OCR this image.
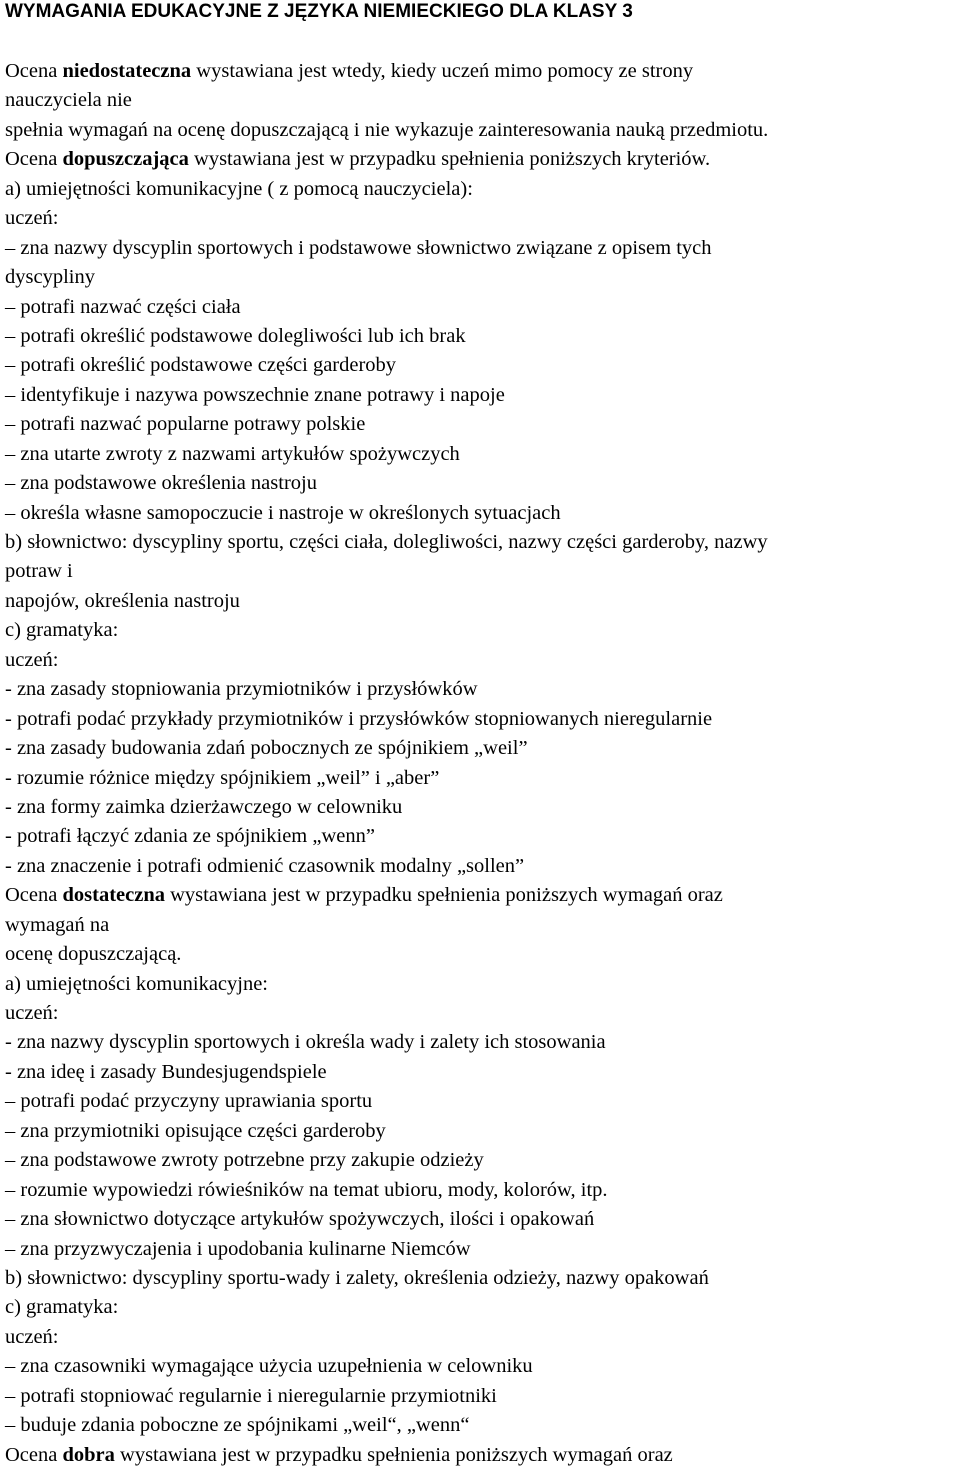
WYMAGANIA EDUKACYJNE Z JĘZYKA NIEMIECKIEGO DLA KLASY 3
Ocena niedostateczna wystawiana jest wtedy, kiedy uczeń mimo pomocy ze strony
nauczyciela nie
spełnia wymagań na ocenę dopuszczającą i nie wykazuje zainteresowania nauką przedmiotu.
Ocena dopuszczająca wystawiana jest w przypadku spełnienia poniższych kryteriów.
a) umiejętności komunikacyjne ( z pomocą nauczyciela):
uczeń:
– zna nazwy dyscyplin sportowych i podstawowe słownictwo związane z opisem tych
dyscypliny
– potrafi nazwać części ciała
– potrafi określić podstawowe dolegliwości lub ich brak
– potrafi określić podstawowe części garderoby
– identyfikuje i nazywa powszechnie znane potrawy i napoje
– potrafi nazwać popularne potrawy polskie
– zna utarte zwroty z nazwami artykułów spożywczych
– zna podstawowe określenia nastroju
– określa własne samopoczucie i nastroje w określonych sytuacjach
b) słownictwo: dyscypliny sportu, części ciała, dolegliwości, nazwy części garderoby, nazwy
potraw i
napojów, określenia nastroju
c) gramatyka:
uczeń:
- zna zasady stopniowania przymiotników i przysłówków
- potrafi podać przykłady przymiotników i przysłówków stopniowanych nieregularnie
- zna zasady budowania zdań pobocznych ze spójnikiem „weil”
- rozumie różnice między spójnikiem „weil” i „aber”
- zna formy zaimka dzierżawczego w celowniku
- potrafi łączyć zdania ze spójnikiem „wenn”
- zna znaczenie i potrafi odmienić czasownik modalny „sollen”
Ocena dostateczna wystawiana jest w przypadku spełnienia poniższych wymagań oraz
wymagań na
ocenę dopuszczającą.
a) umiejętności komunikacyjne:
uczeń:
- zna nazwy dyscyplin sportowych i określa wady i zalety ich stosowania
- zna ideę i zasady Bundesjugendspiele
– potrafi podać przyczyny uprawiania sportu
– zna przymiotniki opisujące części garderoby
– zna podstawowe zwroty potrzebne przy zakupie odzieży
– rozumie wypowiedzi rówieśników na temat ubioru, mody, kolorów, itp.
– zna słownictwo dotyczące artykułów spożywczych, ilości i opakowań
– zna przyzwyczajenia i upodobania kulinarne Niemców
b) słownictwo: dyscypliny sportu-wady i zalety, określenia odzieży, nazwy opakowań
c) gramatyka:
uczeń:
– zna czasowniki wymagające użycia uzupełnienia w celowniku
– potrafi stopniować regularnie i nieregularnie przymiotniki
– buduje zdania poboczne ze spójnikami „weil“, „wenn“
Ocena dobra wystawiana jest w przypadku spełnienia poniższych wymagań oraz
